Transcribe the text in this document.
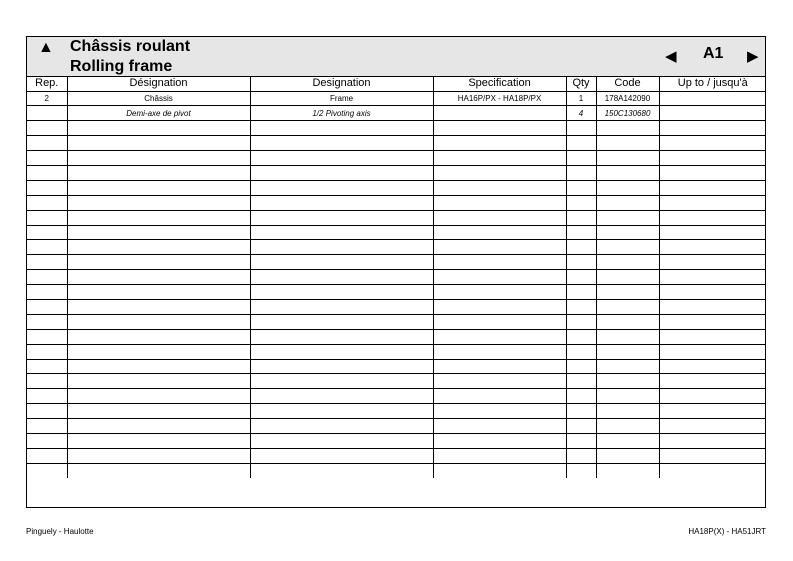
▲ Châssis roulant
Rolling frame
◀ A1 ▶
Rep.	Désignation	Designation	Specification	Qty	Code	Up to / jusqu'à
2	Châssis	Frame	HA16P/PX - HA18P/PX	1	178A142090	
	Demi-axe de pivot	1/2 Pivoting axis		4	150C130680	

Pinguely - Haulotte	HA18P(X) - HA51JRT
